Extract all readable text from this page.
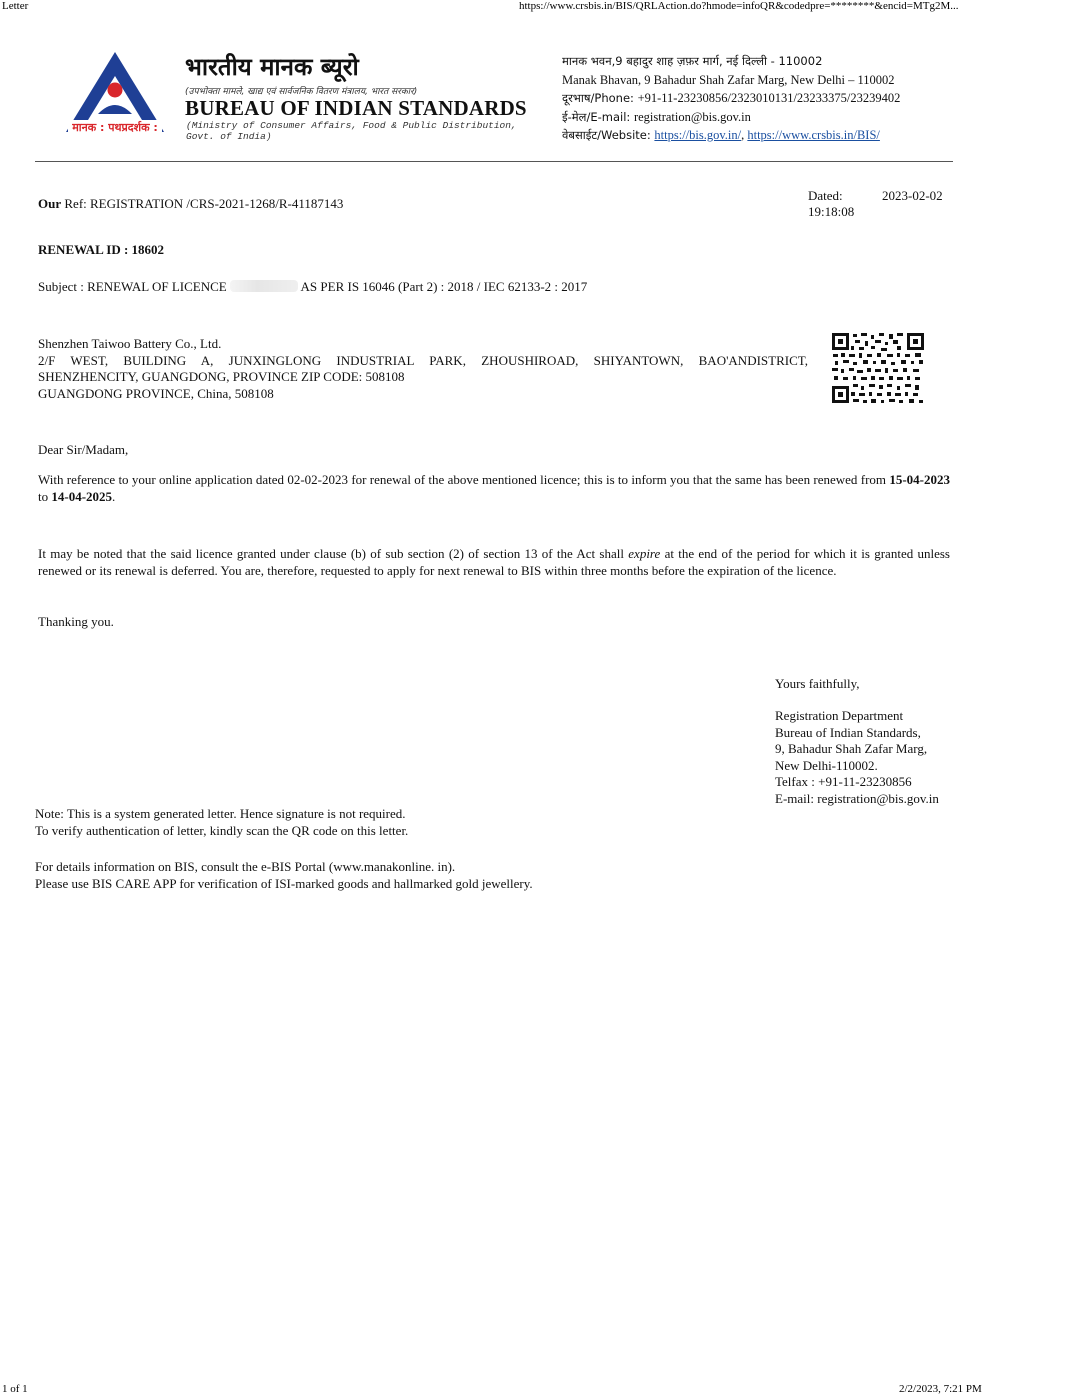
Letter	https://www.crsbis.in/BIS/QRLAction.do?hmode=infoQR&codedpre=********&encid=MTg2M...
मानक : पथप्रदर्शक :
भारतीय मानक ब्यूरो
(उपभोक्ता मामले, खाद्य एवं सार्वजनिक वितरण मंत्रालय, भारत सरकार)
BUREAU OF INDIAN STANDARDS
(Ministry of Consumer Affairs, Food & Public Distribution,
Govt. of India)
मानक भवन,9 बहादुर शाह ज़फ़र मार्ग, नई दिल्ली - 110002
Manak Bhavan, 9 Bahadur Shah Zafar Marg, New Delhi – 110002
दूरभाष/Phone: +91-11-23230856/2323010131/23233375/23239402
ई-मेल/E-mail: registration@bis.gov.in
वेबसाईट/Website: https://bis.gov.in/, https://www.crsbis.in/BIS/
Our Ref: REGISTRATION /CRS-2021-1268/R-41187143
Dated:	2023-02-02
19:18:08
RENEWAL ID : 18602
Subject : RENEWAL OF LICENCE	AS PER IS 16046 (Part 2) : 2018 / IEC 62133-2 : 2017
Shenzhen Taiwoo Battery Co., Ltd.
2/F WEST, BUILDING A, JUNXINGLONG INDUSTRIAL PARK, ZHOUSHIROAD, SHIYANTOWN, BAO'ANDISTRICT,
SHENZHENCITY, GUANGDONG, PROVINCE ZIP CODE: 508108
GUANGDONG PROVINCE, China, 508108
Dear Sir/Madam,
With reference to your online application dated 02-02-2023 for renewal of the above mentioned licence; this is to inform you that the same has been renewed from 15-04-2023 to 14-04-2025.
It may be noted that the said licence granted under clause (b) of sub section (2) of section 13 of the Act shall expire at the end of the period for which it is granted unless renewed or its renewal is deferred. You are, therefore, requested to apply for next renewal to BIS within three months before the expiration of the licence.
Thanking you.
Yours faithfully,
Registration Department
Bureau of Indian Standards,
9, Bahadur Shah Zafar Marg,
New Delhi-110002.
Telfax : +91-11-23230856
E-mail: registration@bis.gov.in
Note: This is a system generated letter. Hence signature is not required.
To verify authentication of letter, kindly scan the QR code on this letter.
For details information on BIS, consult the e-BIS Portal (www.manakonline. in).
Please use BIS CARE APP for verification of ISI-marked goods and hallmarked gold jewellery.
1 of 1	2/2/2023, 7:21 PM
